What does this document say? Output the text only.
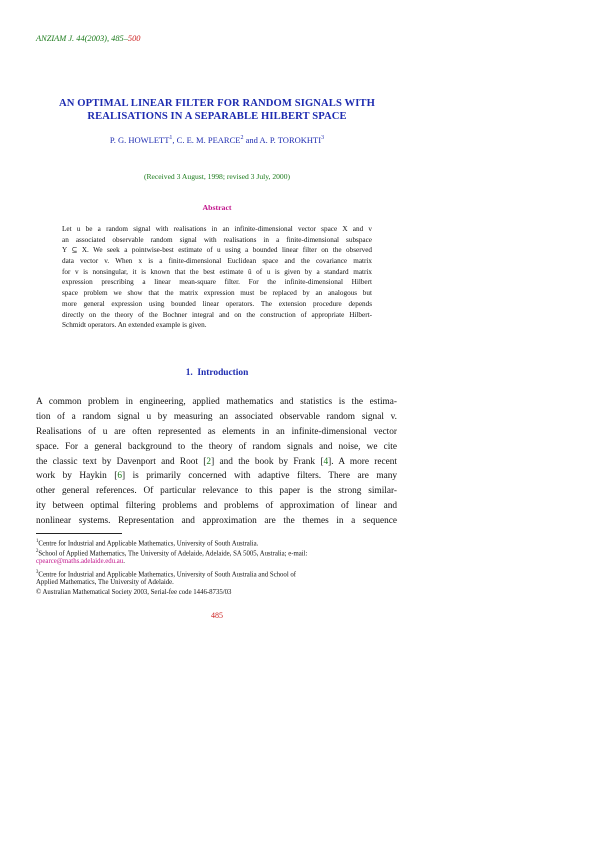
ANZIAM J. 44(2003), 485–500
AN OPTIMAL LINEAR FILTER FOR RANDOM SIGNALS WITH
REALISATIONS IN A SEPARABLE HILBERT SPACE
P. G. HOWLETT$^1$, C. E. M. PEARCE$^2$ and A. P. TOROKHTI$^3$
(Received 3 August, 1998; revised 3 July, 2000)
Abstract
Let u be a random signal with realisations in an infinite-dimensional vector space X and v
an associated observable random signal with realisations in a finite-dimensional subspace
Y ⊆ X. We seek a pointwise-best estimate of u using a bounded linear filter on the observed
data vector v. When x is a finite-dimensional Euclidean space and the covariance matrix
for v is nonsingular, it is known that the best estimate û of u is given by a standard matrix
expression prescribing a linear mean-square filter. For the infinite-dimensional Hilbert
space problem we show that the matrix expression must be replaced by an analogous but
more general expression using bounded linear operators. The extension procedure depends
directly on the theory of the Bochner integral and on the construction of appropriate Hilbert-
Schmidt operators. An extended example is given.
1. Introduction
A common problem in engineering, applied mathematics and statistics is the estima-
tion of a random signal u by measuring an associated observable random signal v.
Realisations of u are often represented as elements in an infinite-dimensional vector
space. For a general background to the theory of random signals and noise, we cite
the classic text by Davenport and Root [2] and the book by Frank [4]. A more recent
work by Haykin [6] is primarily concerned with adaptive filters. There are many
other general references. Of particular relevance to this paper is the strong similar-
ity between optimal filtering problems and problems of approximation of linear and
nonlinear systems. Representation and approximation are the themes in a sequence
$^1$Centre for Industrial and Applicable Mathematics, University of South Australia.
$^2$School of Applied Mathematics, The University of Adelaide, Adelaide, SA 5005, Australia; e-mail:
cpearce@maths.adelaide.edu.au.
$^3$Centre for Industrial and Applicable Mathematics, University of South Australia and School of
Applied Mathematics, The University of Adelaide.
© Australian Mathematical Society 2003, Serial-fee code 1446-8735/03
485
